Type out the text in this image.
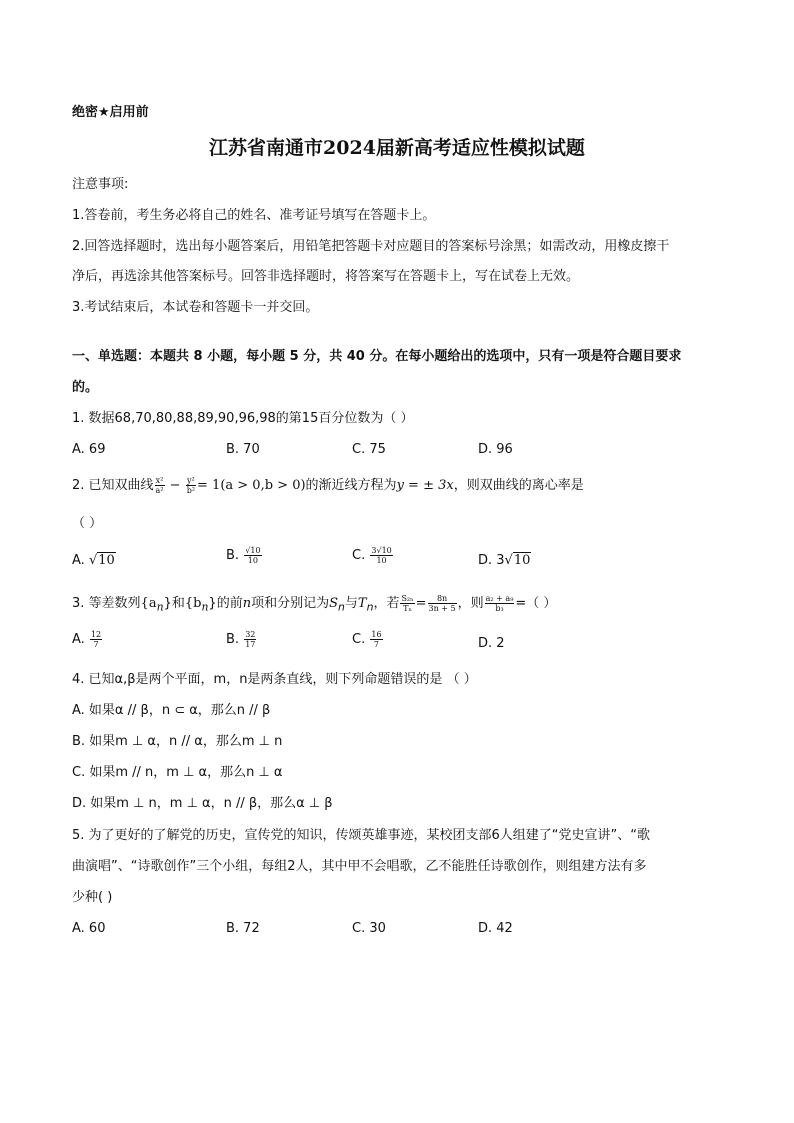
绝密★启用前
江苏省南通市2024届新高考适应性模拟试题
注意事项:
1.答卷前，考生务必将自己的姓名、准考证号填写在答题卡上。
2.回答选择题时，选出每小题答案后，用铅笔把答题卡对应题目的答案标号涂黑；如需改动，用橡皮擦干
净后，再选涂其他答案标号。回答非选择题时，将答案写在答题卡上，写在试卷上无效。
3.考试结束后，本试卷和答题卡一并交回。
一、单选题：本题共 8 小题，每小题 5 分，共 40 分。在每小题给出的选项中，只有一项是符合题目要求
的。
1. 数据68,70,80,88,89,90,96,98的第15百分位数为（ ）
A. 69	B. 70	C. 75	D. 96
2. 已知双曲线 $\frac{\text{x²}}{\text{a²}} - \frac{\text{y²}}{\text{b²}} = 1(a > 0,b > 0)$的渐近线方程为y = ± 3x，则双曲线的离心率是
（ ）
A. √10	B. $\frac{√10}{10}$	C. $\frac{3√10}{10}$	D. 3√10
3. 等差数列$\{a_n\}$和$\{b_n\}$的前n项和分别记为$S_n$与$T_n$，若 $\frac{\text{S₂ₙ}}{\text{Tₙ}} = \frac{8n}{3n + 5}$ ，则 $\frac{\text{a₂ + a₉}}{\text{b₃}}$ =（ ）
A. $\frac{12}{7}$	B. $\frac{32}{17}$	C. $\frac{16}{7}$	D. 2
4. 已知α,β是两个平面，m，n是两条直线，则下列命题错误的是 （ ）
A. 如果α // β，n ⊂ α，那么n // β
B. 如果m ⊥ α，n // α，那么m ⊥ n
C. 如果m // n，m ⊥ α，那么n ⊥ α
D. 如果m ⊥ n，m ⊥ α，n // β，那么α ⊥ β
5. 为了更好的了解党的历史，宣传党的知识，传颂英雄事迹，某校团支部6人组建了“党史宣讲”、“歌
曲演唱”、“诗歌创作”三个小组，每组2人，其中甲不会唱歌，乙不能胜任诗歌创作，则组建方法有多
少种( )
A. 60	B. 72	C. 30	D. 42
